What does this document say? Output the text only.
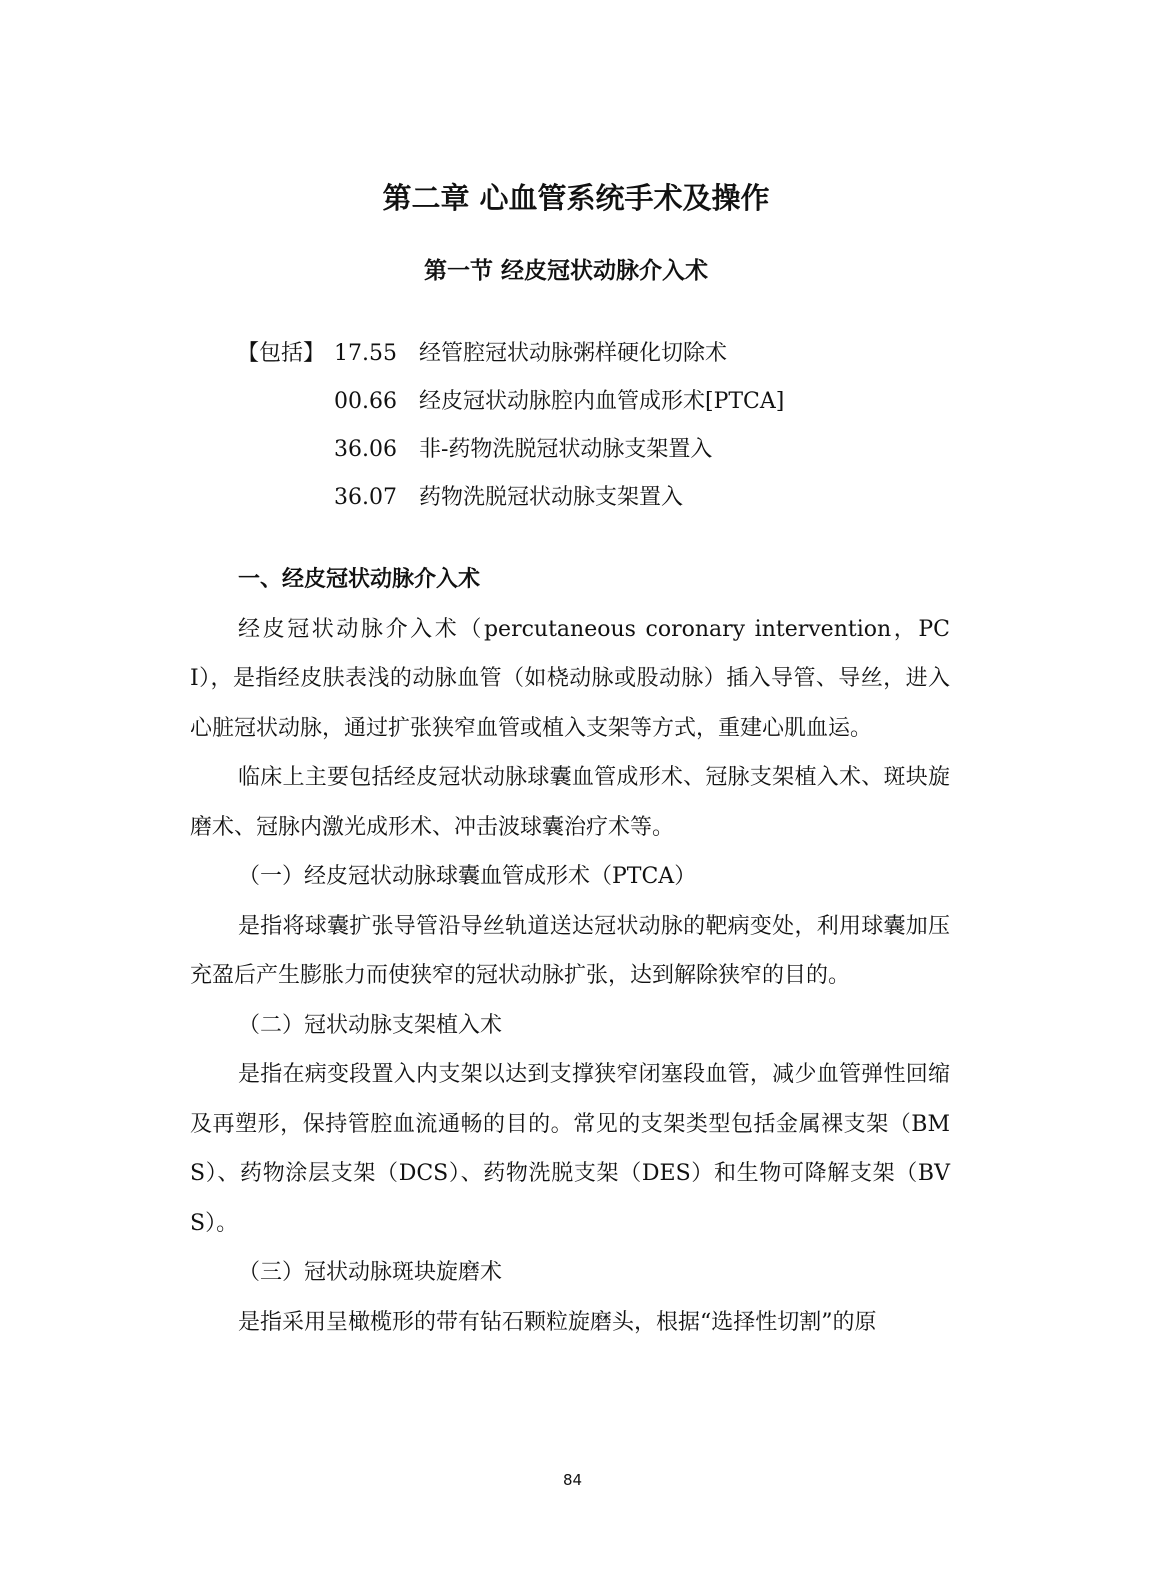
第二章 心血管系统手术及操作
第一节 经皮冠状动脉介入术
【包括】 17.55 经管腔冠状动脉粥样硬化切除术
00.66 经皮冠状动脉腔内血管成形术[PTCA]
36.06 非-药物洗脱冠状动脉支架置入
36.07 药物洗脱冠状动脉支架置入

一、经皮冠状动脉介入术

经皮冠状动脉介入术（percutaneous coronary intervention，PCI），是指经皮肤表浅的动脉血管（如桡动脉或股动脉）插入导管、导丝，进入心脏冠状动脉，通过扩张狭窄血管或植入支架等方式，重建心肌血运。

临床上主要包括经皮冠状动脉球囊血管成形术、冠脉支架植入术、斑块旋磨术、冠脉内激光成形术、冲击波球囊治疗术等。

（一）经皮冠状动脉球囊血管成形术（PTCA）

是指将球囊扩张导管沿导丝轨道送达冠状动脉的靶病变处，利用球囊加压充盈后产生膨胀力而使狭窄的冠状动脉扩张，达到解除狭窄的目的。

（二）冠状动脉支架植入术

是指在病变段置入内支架以达到支撑狭窄闭塞段血管，减少血管弹性回缩及再塑形，保持管腔血流通畅的目的。常见的支架类型包括金属裸支架（BMS）、药物涂层支架（DCS）、药物洗脱支架（DES）和生物可降解支架（BVS）。

（三）冠状动脉斑块旋磨术

是指采用呈橄榄形的带有钻石颗粒旋磨头，根据“选择性切割”的原

84
